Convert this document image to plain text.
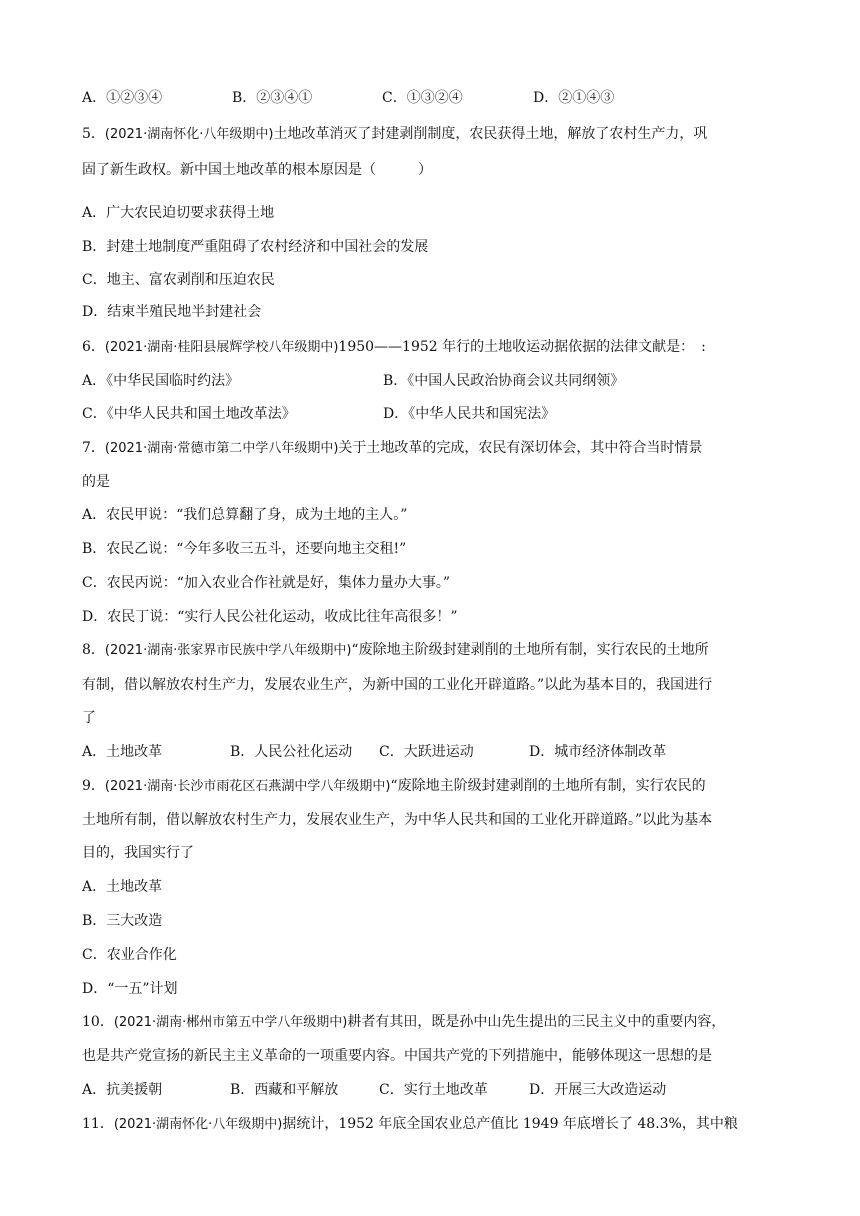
A．①②③④	B．②③④①	C．①③②④	D．②①④③
5．(2021·湖南怀化·八年级期中)土地改革消灭了封建剥削制度，农民获得土地，解放了农村生产力，巩
固了新生政权。新中国土地改革的根本原因是（　　　）
A．广大农民迫切要求获得土地
B．封建土地制度严重阻碍了农村经济和中国社会的发展
C．地主、富农剥削和压迫农民
D．结束半殖民地半封建社会
6．(2021·湖南·桂阳县展辉学校八年级期中)1950——1952 年行的土地收运动据依据的法律文献是：　:
A．《中华民国临时约法》	B．《中国人民政治协商会议共同纲领》
C．《中华人民共和国土地改革法》	D．《中华人民共和国宪法》
7．(2021·湖南·常德市第二中学八年级期中)关于土地改革的完成，农民有深切体会，其中符合当时情景
的是
A．农民甲说：“我们总算翻了身，成为土地的主人。”
B．农民乙说：“今年多收三五斗，还要向地主交租!”
C．农民丙说：“加入农业合作社就是好，集体力量办大事。”
D．农民丁说：“实行人民公社化运动，收成比往年高很多！”
8．(2021·湖南·张家界市民族中学八年级期中)“废除地主阶级封建剥削的土地所有制，实行农民的土地所
有制，借以解放农村生产力，发展农业生产，为新中国的工业化开辟道路。”以此为基本目的，我国进行
了
A．土地改革	B．人民公社化运动 C．大跃进运动	D．城市经济体制改革
9．(2021·湖南·长沙市雨花区石燕湖中学八年级期中)“废除地主阶级封建剥削的土地所有制，实行农民的
土地所有制，借以解放农村生产力，发展农业生产，为中华人民共和国的工业化开辟道路。”以此为基本
目的，我国实行了
A．土地改革
B．三大改造
C．农业合作化
D．“一五”计划
10．(2021·湖南·郴州市第五中学八年级期中)耕者有其田，既是孙中山先生提出的三民主义中的重要内容，
也是共产党宣扬的新民主主义革命的一项重要内容。中国共产党的下列措施中，能够体现这一思想的是
A．抗美援朝	B．西藏和平解放	C．实行土地改革	D．开展三大改造运动
11．(2021·湖南怀化·八年级期中)据统计，1952 年底全国农业总产值比 1949 年底增长了 48.3%，其中粮
